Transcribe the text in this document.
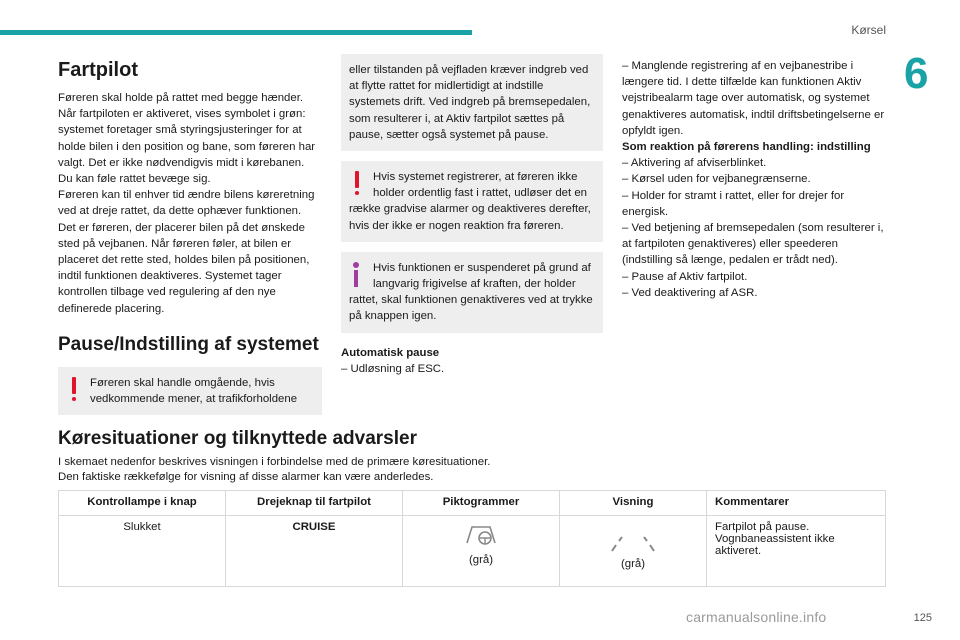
Kørsel
6
Fartpilot

Føreren skal holde på rattet med begge hænder. Når fartpiloten er aktiveret, vises symbolet i grøn: systemet foretager små styringsjusteringer for at holde bilen i den position og bane, som føreren har valgt. Det er ikke nødvendigvis midt i kørebanen.
Du kan føle rattet bevæge sig.
Føreren kan til enhver tid ændre bilens køreretning ved at dreje rattet, da dette ophæver funktionen. Det er føreren, der placerer bilen på det ønskede sted på vejbanen. Når føreren føler, at bilen er placeret det rette sted, holdes bilen på positionen, indtil funktionen deaktiveres. Systemet tager kontrollen tilbage ved regulering af den nye definerede placering.

Pause/Indstilling af systemet
Føreren skal handle omgående, hvis vedkommende mener, at trafikforholdene
eller tilstanden på vejfladen kræver indgreb ved at flytte rattet for midlertidigt at indstille systemets drift. Ved indgreb på bremsepedalen, som resulterer i, at Aktiv fartpilot sættes på pause, sætter også systemet på pause.
Hvis systemet registrerer, at føreren ikke holder ordentlig fast i rattet, udløser det en række gradvise alarmer og deaktiveres derefter, hvis der ikke er nogen reaktion fra føreren.
Hvis funktionen er suspenderet på grund af langvarig frigivelse af kraften, der holder rattet, skal funktionen genaktiveres ved at trykke på knappen igen.

Automatisk pause

– Udløsning af ESC.

– Manglende registrering af en vejbanestribe i længere tid. I dette tilfælde kan funktionen Aktiv vejstribealarm tage over automatisk, og systemet genaktiveres automatisk, indtil driftsbetingelserne er opfyldt igen.

Som reaktion på førerens handling: indstilling

– Aktivering af afviserblinket.

– Kørsel uden for vejbanegrænserne.

– Holder for stramt i rattet, eller for drejer for energisk.

– Ved betjening af bremsepedalen (som resulterer i, at fartpiloten genaktiveres) eller speederen (indstilling så længe, pedalen er trådt ned).

– Pause af Aktiv fartpilot.

– Ved deaktivering af ASR.

Køresituationer og tilknyttede advarsler
I skemaet nedenfor beskrives visningen i forbindelse med de primære køresituationer.
Den faktiske rækkefølge for visning af disse alarmer kan være anderledes.
Kontrollampe i knap	Drejeknap til fartpilot	Piktogrammer	Visning	Kommentarer
Slukket	CRUISE	(grå)	(grå)	Fartpilot på pause.
Vognbaneassistent ikke aktiveret.
carmanualsonline.info	125
